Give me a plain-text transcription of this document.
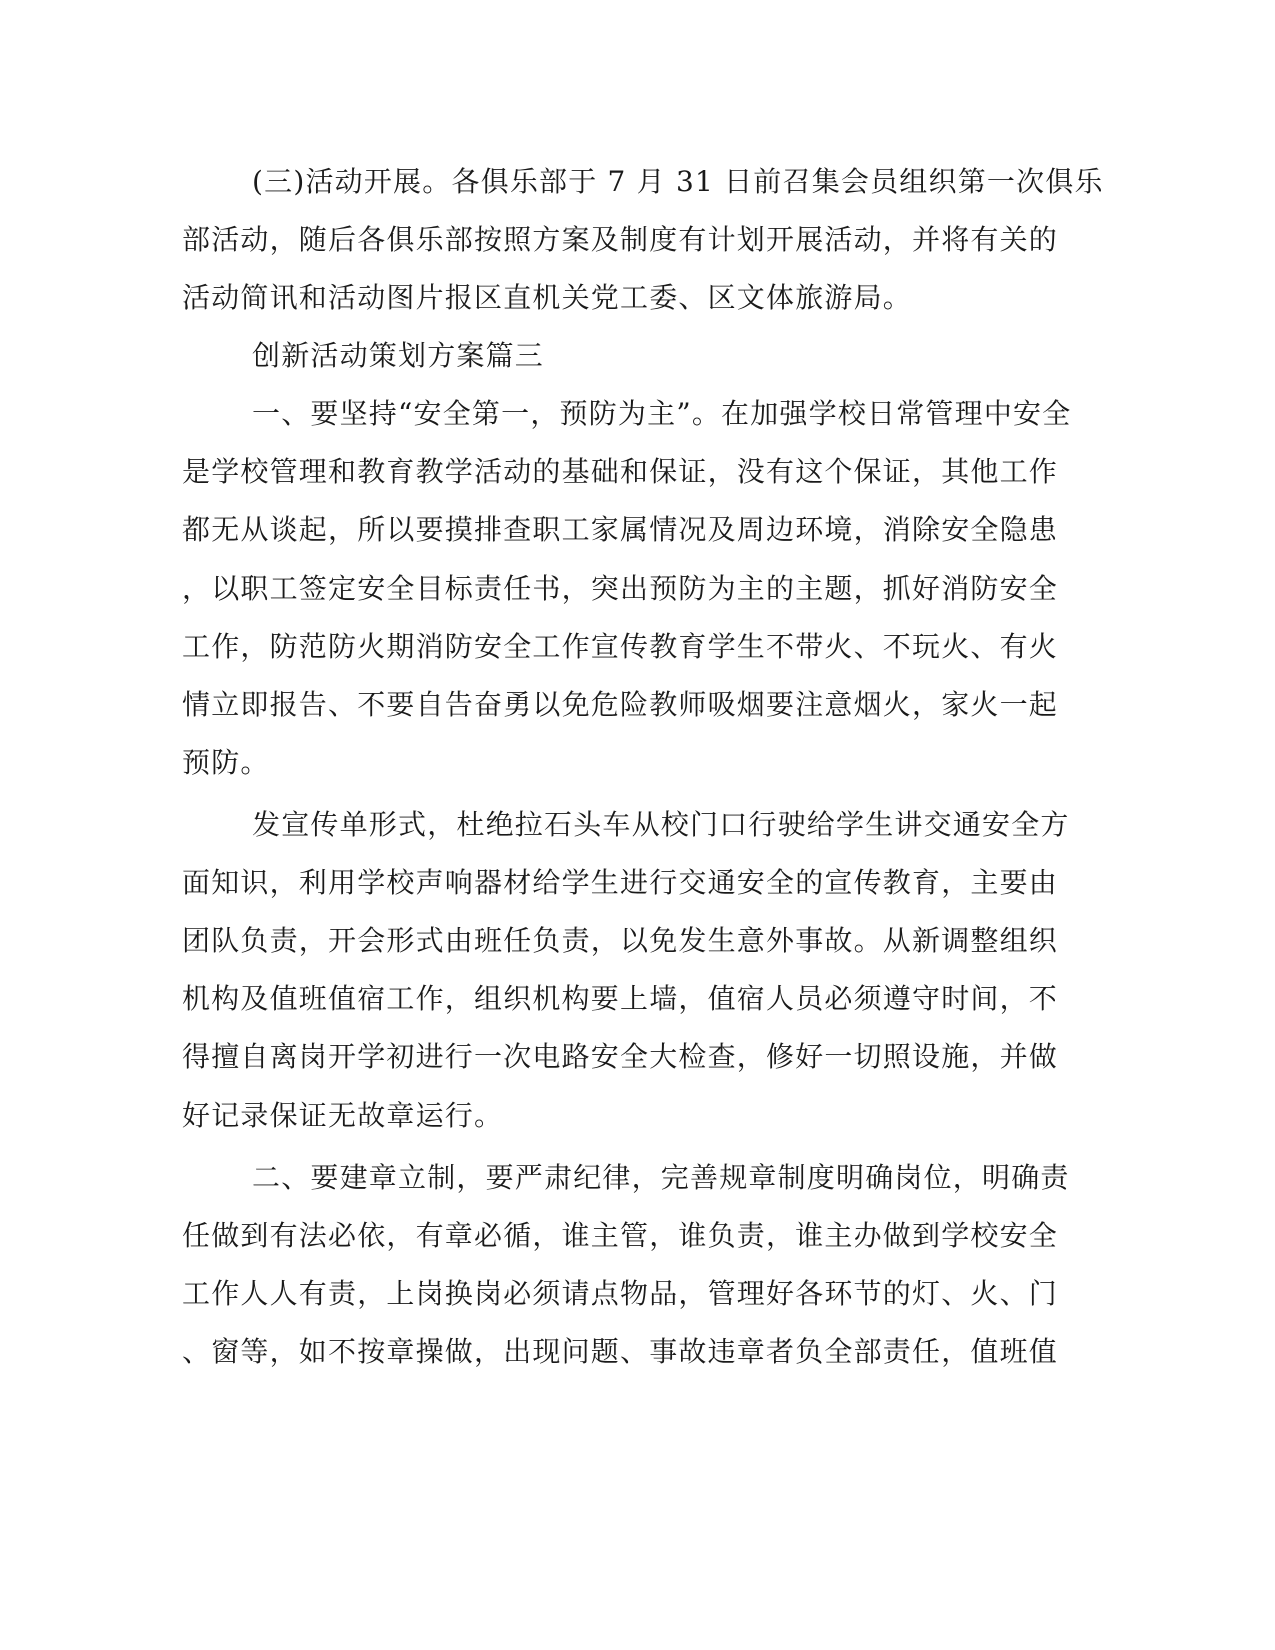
(三)活动开展。各俱乐部于 7 月 31 日前召集会员组织第一次俱乐
部活动，随后各俱乐部按照方案及制度有计划开展活动，并将有关的
活动简讯和活动图片报区直机关党工委、区文体旅游局。
创新活动策划方案篇三
一、要坚持“安全第一，预防为主”。在加强学校日常管理中安全
是学校管理和教育教学活动的基础和保证，没有这个保证，其他工作
都无从谈起，所以要摸排查职工家属情况及周边环境，消除安全隐患
，以职工签定安全目标责任书，突出预防为主的主题，抓好消防安全
工作，防范防火期消防安全工作宣传教育学生不带火、不玩火、有火
情立即报告、不要自告奋勇以免危险教师吸烟要注意烟火，家火一起
预防。
发宣传单形式，杜绝拉石头车从校门口行驶给学生讲交通安全方
面知识，利用学校声响器材给学生进行交通安全的宣传教育，主要由
团队负责，开会形式由班任负责，以免发生意外事故。从新调整组织
机构及值班值宿工作，组织机构要上墙，值宿人员必须遵守时间，不
得擅自离岗开学初进行一次电路安全大检查，修好一切照设施，并做
好记录保证无故章运行。
二、要建章立制，要严肃纪律，完善规章制度明确岗位，明确责
任做到有法必依，有章必循，谁主管，谁负责，谁主办做到学校安全
工作人人有责，上岗换岗必须请点物品，管理好各环节的灯、火、门
、窗等，如不按章操做，出现问题、事故违章者负全部责任，值班值
